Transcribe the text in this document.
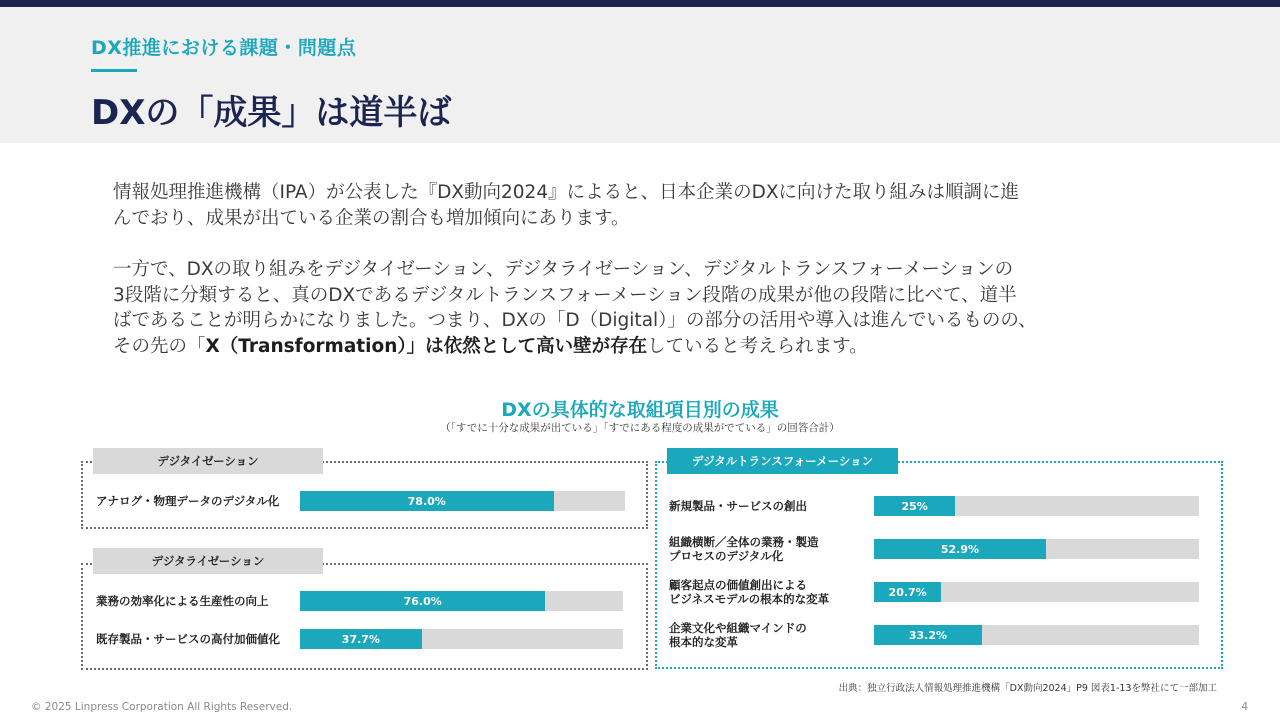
DX推進における課題・問題点
DXの「成果」は道半ば
情報処理推進機構（IPA）が公表した『DX動向2024』によると、日本企業のDXに向けた取り組みは順調に進
んでおり、成果が出ている企業の割合も増加傾向にあります。
一方で、DXの取り組みをデジタイゼーション、デジタライゼーション、デジタルトランスフォーメーションの
3段階に分類すると、真のDXであるデジタルトランスフォーメーション段階の成果が他の段階に比べて、道半
ばであることが明らかになりました。つまり、DXの「D（Digital）」の部分の活用や導入は進んでいるものの、
その先の「X（Transformation）」は依然として高い壁が存在していると考えられます。
DXの具体的な取組項目別の成果
（「すでに十分な成果が出ている」「すでにある程度の成果がでている」の回答合計）
デジタイゼーション
アナログ・物理データのデジタル化	78.0%
デジタライゼーション
業務の効率化による生産性の向上	76.0%
既存製品・サービスの高付加価値化	37.7%
デジタルトランスフォーメーション
新規製品・サービスの創出	25%
組織横断／全体の業務・製造
プロセスのデジタル化	52.9%
顧客起点の価値創出による
ビジネスモデルの根本的な変革	20.7%
企業文化や組織マインドの
根本的な変革	33.2%
出典：独立行政法人情報処理推進機構「DX動向2024」P9 図表1-13を弊社にて一部加工
© 2025 Linpress Corporation All Rights Reserved.	4
